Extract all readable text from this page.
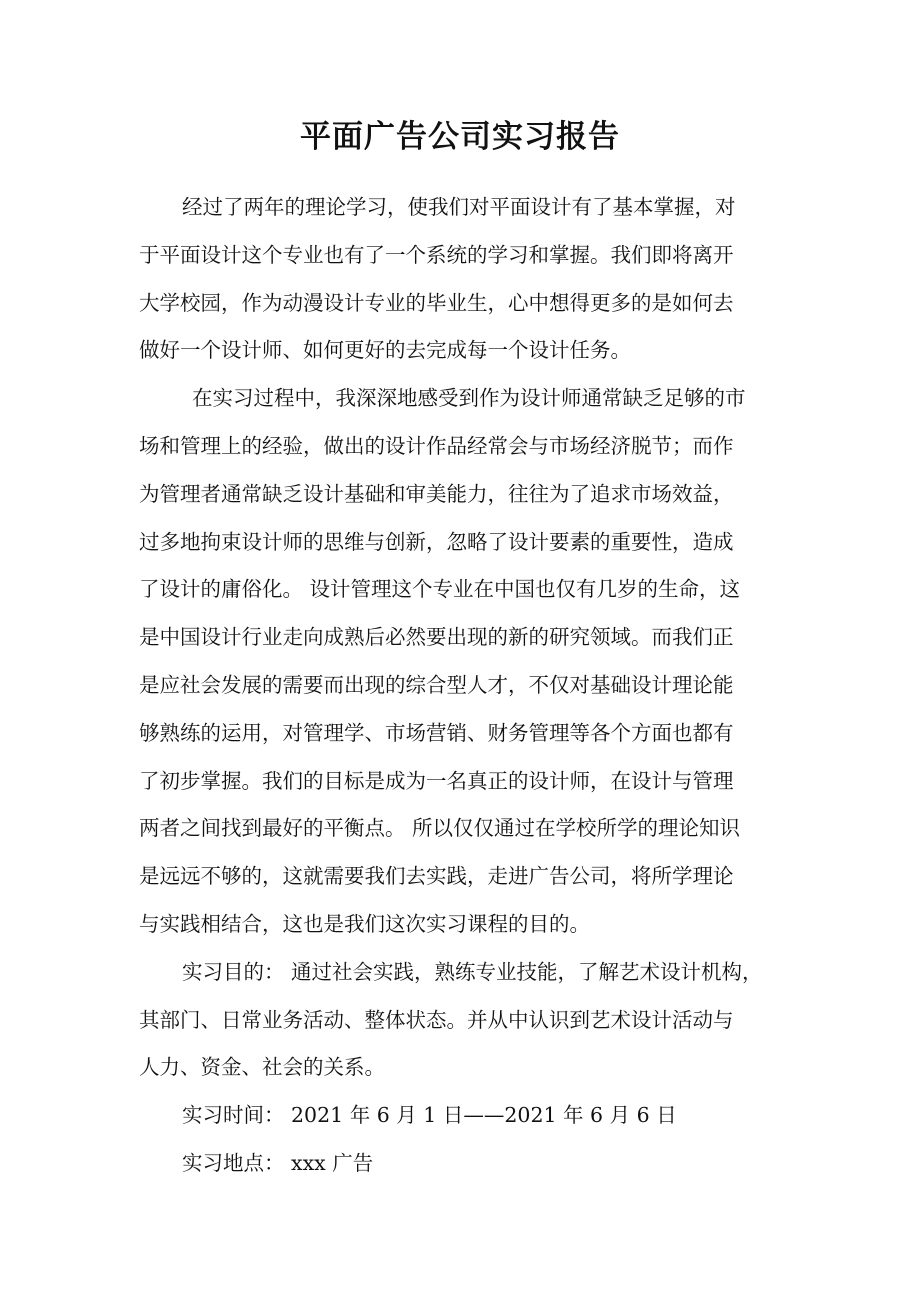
平面广告公司实习报告
经过了两年的理论学习，使我们对平面设计有了基本掌握，对
于平面设计这个专业也有了一个系统的学习和掌握。我们即将离开
大学校园，作为动漫设计专业的毕业生，心中想得更多的是如何去
做好一个设计师、如何更好的去完成每一个设计任务。
在实习过程中，我深深地感受到作为设计师通常缺乏足够的市
场和管理上的经验，做出的设计作品经常会与市场经济脱节；而作
为管理者通常缺乏设计基础和审美能力，往往为了追求市场效益，
过多地拘束设计师的思维与创新，忽略了设计要素的重要性，造成
了设计的庸俗化。 设计管理这个专业在中国也仅有几岁的生命，这
是中国设计行业走向成熟后必然要出现的新的研究领域。而我们正
是应社会发展的需要而出现的综合型人才，不仅对基础设计理论能
够熟练的运用，对管理学、市场营销、财务管理等各个方面也都有
了初步掌握。我们的目标是成为一名真正的设计师，在设计与管理
两者之间找到最好的平衡点。 所以仅仅通过在学校所学的理论知识
是远远不够的，这就需要我们去实践，走进广告公司，将所学理论
与实践相结合，这也是我们这次实习课程的目的。
实习目的： 通过社会实践，熟练专业技能，了解艺术设计机构，
其部门、日常业务活动、整体状态。并从中认识到艺术设计活动与
人力、资金、社会的关系。
实习时间： 2021 年 6 月 1 日——2021 年 6 月 6 日
实习地点： xxx 广告
